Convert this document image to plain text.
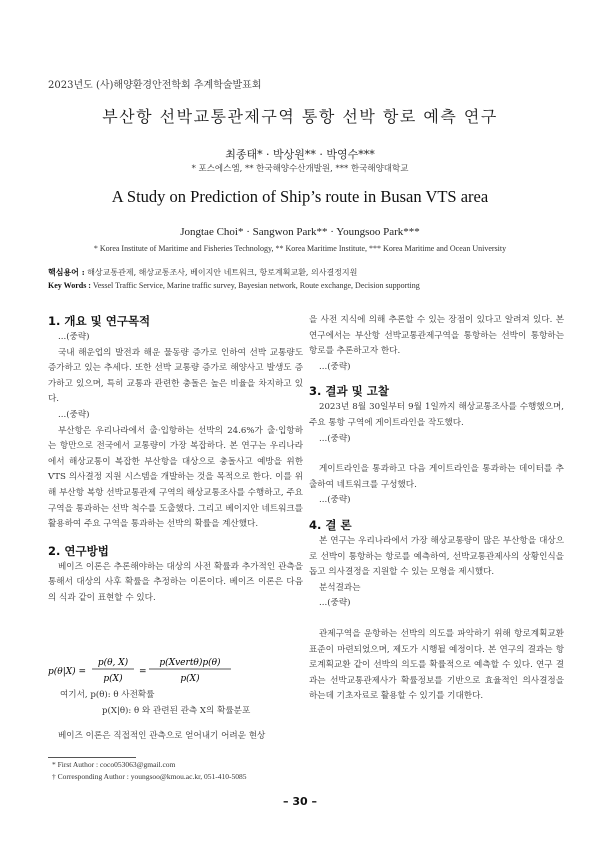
2023년도 (사)해양환경안전학회 추계학술발표회
부산항 선박교통관제구역 통항 선박 항로 예측 연구
최종태* · 박상원** · 박영수***
* 포스에스엠, ** 한국해양수산개발원, *** 한국해양대학교
A Study on Prediction of Ship’s route in Busan VTS area
Jongtae Choi* · Sangwon Park** · Youngsoo Park***
* Korea Institute of Maritime and Fisheries Technology, ** Korea Maritime Institute, *** Korea Maritime and Ocean University
핵심용어 : 해상교통관제, 해상교통조사, 베이지안 네트워크, 항로계획교환, 의사결정지원
Key Words : Vessel Traffic Service, Marine traffic survey, Bayesian network, Route exchange, Decision supporting
1. 개요 및 연구목적
...(중략)
국내 해운업의 발전과 해운 물동량 증가로 인하여 선박 교통량도 증가하고 있는 추세다. 또한 선박 교통량 증가로 해양사고 발생도 증가하고 있으며, 특히 교통과 관련한 충돌은 높은 비율을 차지하고 있다.
...(중략)
부산항은 우리나라에서 출·입항하는 선박의 24.6%가 출·입항하는 항만으로 전국에서 교통량이 가장 복잡하다. 본 연구는 우리나라에서 해상교통이 복잡한 부산항을 대상으로 충돌사고 예방을 위한 VTS 의사결정 지원 시스템을 개발하는 것을 목적으로 한다. 이를 위해 부산항 복항 선박교통관제 구역의 해상교통조사를 수행하고, 주요 구역을 통과하는 선박 척수를 도출했다. 그리고 베이지안 네트워크를 활용하여 주요 구역을 통과하는 선박의 확률을 계산했다.
2. 연구방법
베이즈 이론은 추론해야하는 대상의 사전 확률과 추가적인 관측을 통해서 대상의 사후 확률을 추정하는 이론이다. 베이즈 이론은 다음의 식과 같이 표현할 수 있다.
p(θ|X) =
p(θ, X)
p(X)
=
p(Xvertθ)p(θ)
p(X)
여기서, p(θ): θ 사전확률
p(X|θ): θ 와 관련된 관측 X의 확률분포
베이즈 이론은 직접적인 관측으로 얻어내기 어려운 현상
을 사전 지식에 의해 추론할 수 있는 장점이 있다고 알려져 있다. 본 연구에서는 부산항 선박교통관제구역을 통항하는 선박이 통항하는 항로를 추론하고자 한다.
...(중략)
3. 결과 및 고찰
2023년 8월 30일부터 9월 1일까지 해상교통조사를 수행했으며, 주요 통항 구역에 게이트라인을 작도했다.
...(중략)
게이트라인을 통과하고 다음 게이트라인을 통과하는 데이터를 추출하여 네트워크를 구성했다.
...(중략)
4. 결 론
본 연구는 우리나라에서 가장 해상교통량이 많은 부산항을 대상으로 선박이 통항하는 항로를 예측하여, 선박교통관제사의 상황인식을 돕고 의사결정을 지원할 수 있는 모형을 제시했다.
분석결과는
...(중략)
관제구역을 운항하는 선박의 의도를 파악하기 위해 항로계획교환 표준이 마련되었으며, 제도가 시행될 예정이다. 본 연구의 결과는 항로계획교환 같이 선박의 의도를 확률적으로 예측할 수 있다. 연구 결과는 선박교통관제사가 확률정보를 기반으로 효율적인 의사결정을 하는데 기초자료로 활용할 수 있기를 기대한다.
* First Author : coco053063@gmail.com
† Corresponding Author : youngsoo@kmou.ac.kr, 051-410-5085
– 30 –
